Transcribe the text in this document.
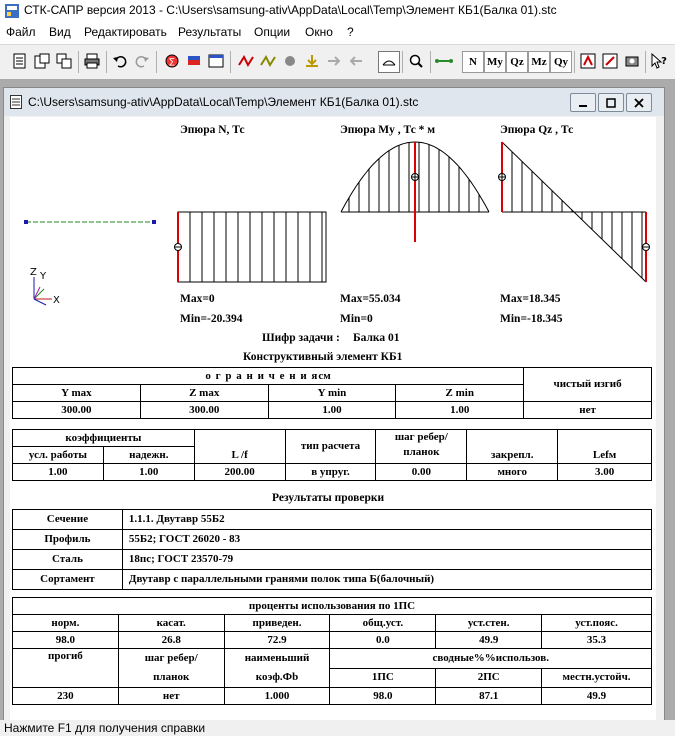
СТК-САПР версия 2013 - C:\Users\samsung-ativ\AppData\Local\Temp\Элемент КБ1(Балка 01).stc
Файл Вид Редактировать Результаты Опции Окно ?
∑	N My Qz Mz Qy	?
C:\Users\samsung-ativ\AppData\Local\Temp\Элемент КБ1(Балка 01).stc
Z Y
X
Эпюра N, Тс
Max=0
Min=-20.394
Эпюра My , Тс * м
Max=55.034
Min=0
Эпюра Qz , Тс
Max=18.345
Min=-18.345
Шифр задачи : Балка 01
Конструктивный элемент КБ1
о г р а н и ч е н и ясм				чистый изгиб
Y max	Z max	Y min	Z min	
300.00	300.00	1.00	1.00	нет
коэффициенты		L /f	тип расчета	шаг ребер/ планок	закрепл.	Lefм
усл. работы	надежн.					
1.00	1.00	200.00	в упруг.	0.00	много	3.00
Результаты проверки
Сечение	1.1.1. Двутавр 55Б2
Профиль	55Б2; ГОСТ 26020 - 83
Сталь	18пс; ГОСТ 23570-79
Сортамент	Двутавр с параллельными гранями полок типа Б(балочный)
проценты использования по 1ПС					
норм.	касат.	приведен.	общ.уст.	уст.стен.	уст.пояс.
98.0	26.8	72.9	0.0	49.9	35.3
прогиб	шаг ребер/	наименьший	сводные%%использов.		
	планок	коэф.Фb	1ПС	2ПС	местн.устойч.
230	нет	1.000	98.0	87.1	49.9
Нажмите F1 для получения справки
